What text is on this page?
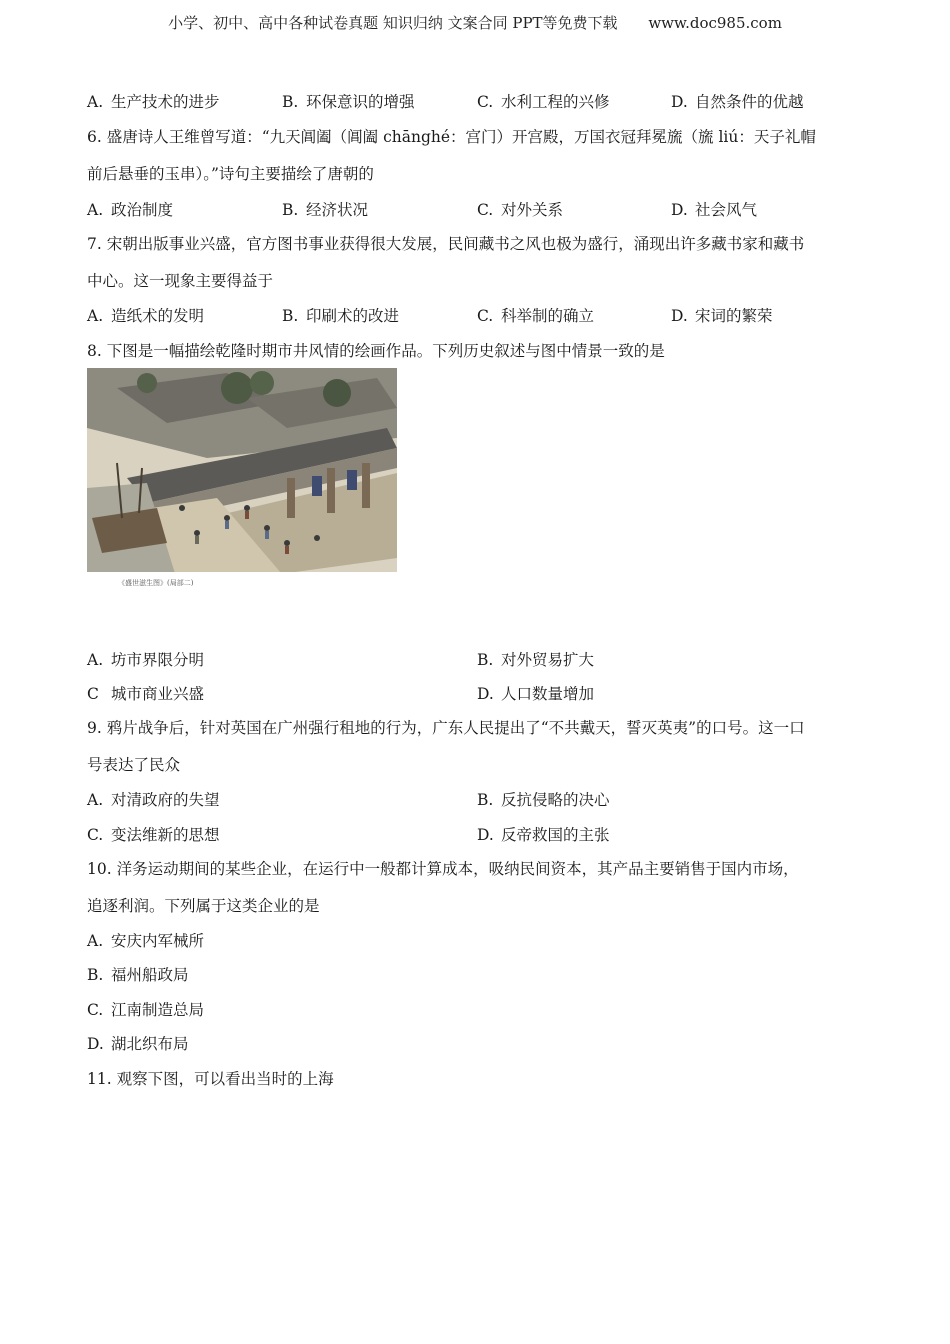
小学、初中、高中各种试卷真题 知识归纳 文案合同 PPT等免费下载 www.doc985.com
A. 生产技术的进步	B. 环保意识的增强	C. 水利工程的兴修	D. 自然条件的优越
6. 盛唐诗人王维曾写道：“九天阊阖（阊阖 chānghé：宫门）开宫殿，万国衣冠拜冕旒（旒 liú：天子礼帽
前后悬垂的玉串）。”诗句主要描绘了唐朝的
A. 政治制度	B. 经济状况	C. 对外关系	D. 社会风气
7. 宋朝出版事业兴盛，官方图书事业获得很大发展，民间藏书之风也极为盛行，涌现出许多藏书家和藏书
中心。这一现象主要得益于
A. 造纸术的发明	B. 印刷术的改进	C. 科举制的确立	D. 宋词的繁荣
8. 下图是一幅描绘乾隆时期市井风情的绘画作品。下列历史叙述与图中情景一致的是
《盛世滋生图》(局部二)
A. 坊市界限分明	B. 对外贸易扩大
C 城市商业兴盛	D. 人口数量增加
9. 鸦片战争后，针对英国在广州强行租地的行为，广东人民提出了“不共戴天，誓灭英夷”的口号。这一口
号表达了民众
A. 对清政府的失望	B. 反抗侵略的决心
C. 变法维新的思想	D. 反帝救国的主张
10. 洋务运动期间的某些企业，在运行中一般都计算成本，吸纳民间资本，其产品主要销售于国内市场，
追逐利润。下列属于这类企业的是
A. 安庆内军械所
B. 福州船政局
C. 江南制造总局
D. 湖北织布局
11. 观察下图，可以看出当时的上海
